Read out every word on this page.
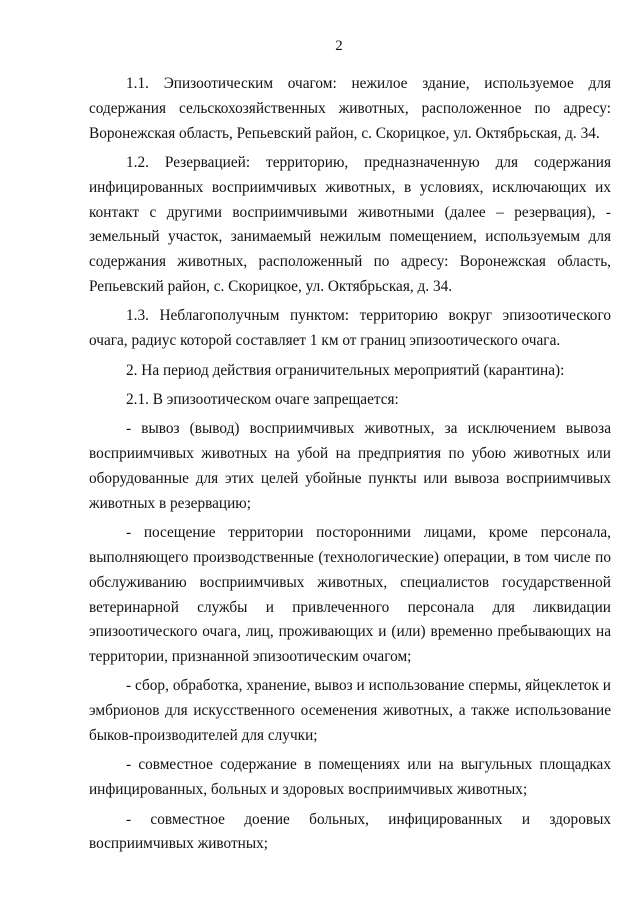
2

1.1. Эпизоотическим очагом: нежилое здание, используемое для
содержания сельскохозяйственных животных, расположенное по адресу:
Воронежская область, Репьевский район, с. Скорицкое, ул. Октябрьская, д. 34.

1.2. Резервацией: территорию, предназначенную для содержания
инфицированных восприимчивых животных, в условиях, исключающих их
контакт с другими восприимчивыми животными (далее – резервация), -
земельный участок, занимаемый нежилым помещением, используемым для
содержания животных, расположенный по адресу: Воронежская область,
Репьевский район, с. Скорицкое, ул. Октябрьская, д. 34.

1.3. Неблагополучным пунктом: территорию вокруг эпизоотического
очага, радиус которой составляет 1 км от границ эпизоотического очага.

2. На период действия ограничительных мероприятий (карантина):

2.1. В эпизоотическом очаге запрещается:

- вывоз (вывод) восприимчивых животных, за исключением вывоза
восприимчивых животных на убой на предприятия по убою животных или
оборудованные для этих целей убойные пункты или вывоза восприимчивых
животных в резервацию;

- посещение территории посторонними лицами, кроме персонала,
выполняющего производственные (технологические) операции, в том числе по
обслуживанию восприимчивых животных, специалистов государственной
ветеринарной службы и привлеченного персонала для ликвидации
эпизоотического очага, лиц, проживающих и (или) временно пребывающих на
территории, признанной эпизоотическим очагом;

- сбор, обработка, хранение, вывоз и использование спермы, яйцеклеток и
эмбрионов для искусственного осеменения животных, а также использование
быков-производителей для случки;

- совместное содержание в помещениях или на выгульных площадках
инфицированных, больных и здоровых восприимчивых животных;

- совместное доение больных, инфицированных и здоровых
восприимчивых животных;
